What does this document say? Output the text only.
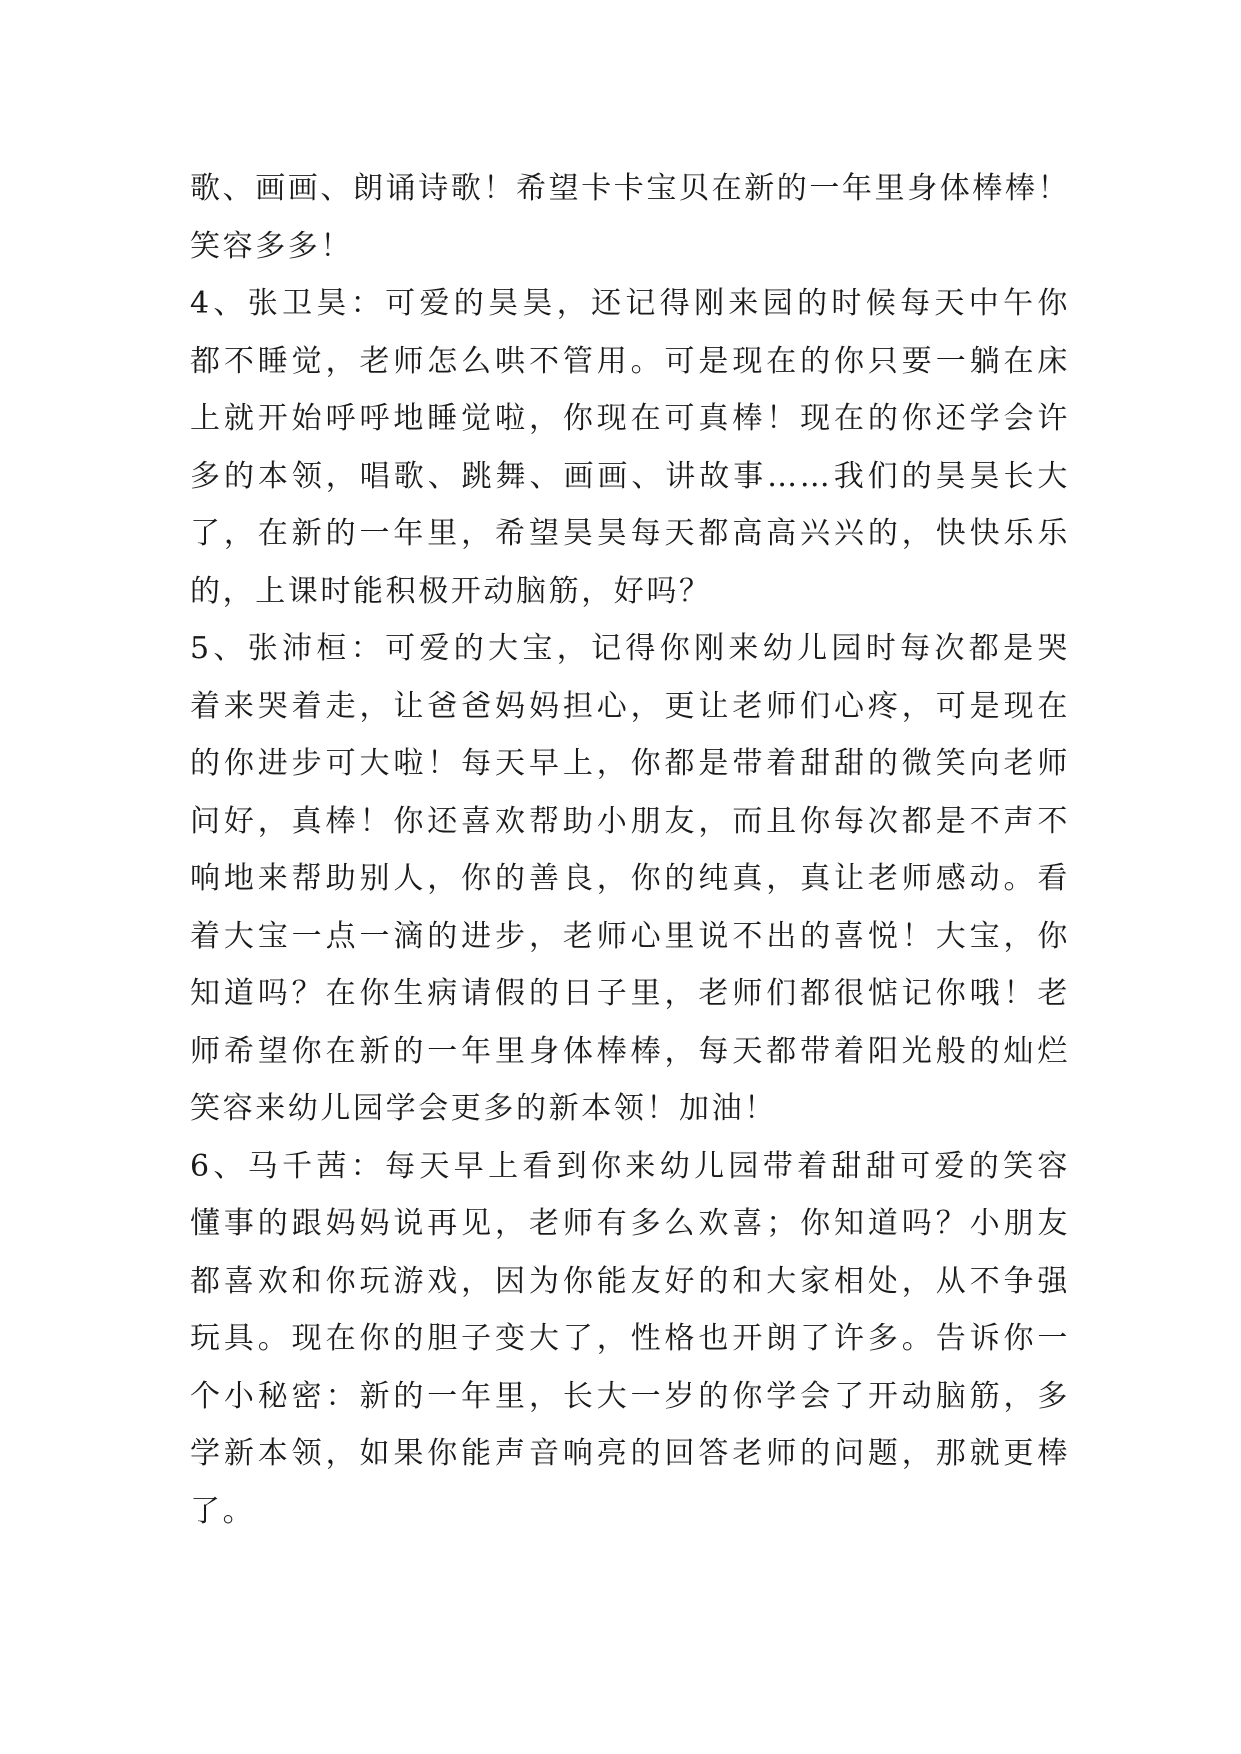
歌、画画、朗诵诗歌！希望卡卡宝贝在新的一年里身体棒棒！
笑容多多！
4、张卫昊：可爱的昊昊，还记得刚来园的时候每天中午你
都不睡觉，老师怎么哄不管用。可是现在的你只要一躺在床
上就开始呼呼地睡觉啦，你现在可真棒！现在的你还学会许
多的本领，唱歌、跳舞、画画、讲故事……我们的昊昊长大
了，在新的一年里，希望昊昊每天都高高兴兴的，快快乐乐
的，上课时能积极开动脑筋，好吗？
5、张沛桓：可爱的大宝，记得你刚来幼儿园时每次都是哭
着来哭着走，让爸爸妈妈担心，更让老师们心疼，可是现在
的你进步可大啦！每天早上，你都是带着甜甜的微笑向老师
问好，真棒！你还喜欢帮助小朋友，而且你每次都是不声不
响地来帮助别人，你的善良，你的纯真，真让老师感动。看
着大宝一点一滴的进步，老师心里说不出的喜悦！大宝，你
知道吗？在你生病请假的日子里，老师们都很惦记你哦！老
师希望你在新的一年里身体棒棒，每天都带着阳光般的灿烂
笑容来幼儿园学会更多的新本领！加油！
6、马千茜：每天早上看到你来幼儿园带着甜甜可爱的笑容
懂事的跟妈妈说再见，老师有多么欢喜；你知道吗？小朋友
都喜欢和你玩游戏，因为你能友好的和大家相处，从不争强
玩具。现在你的胆子变大了，性格也开朗了许多。告诉你一
个小秘密：新的一年里，长大一岁的你学会了开动脑筋，多
学新本领，如果你能声音响亮的回答老师的问题，那就更棒
了。
